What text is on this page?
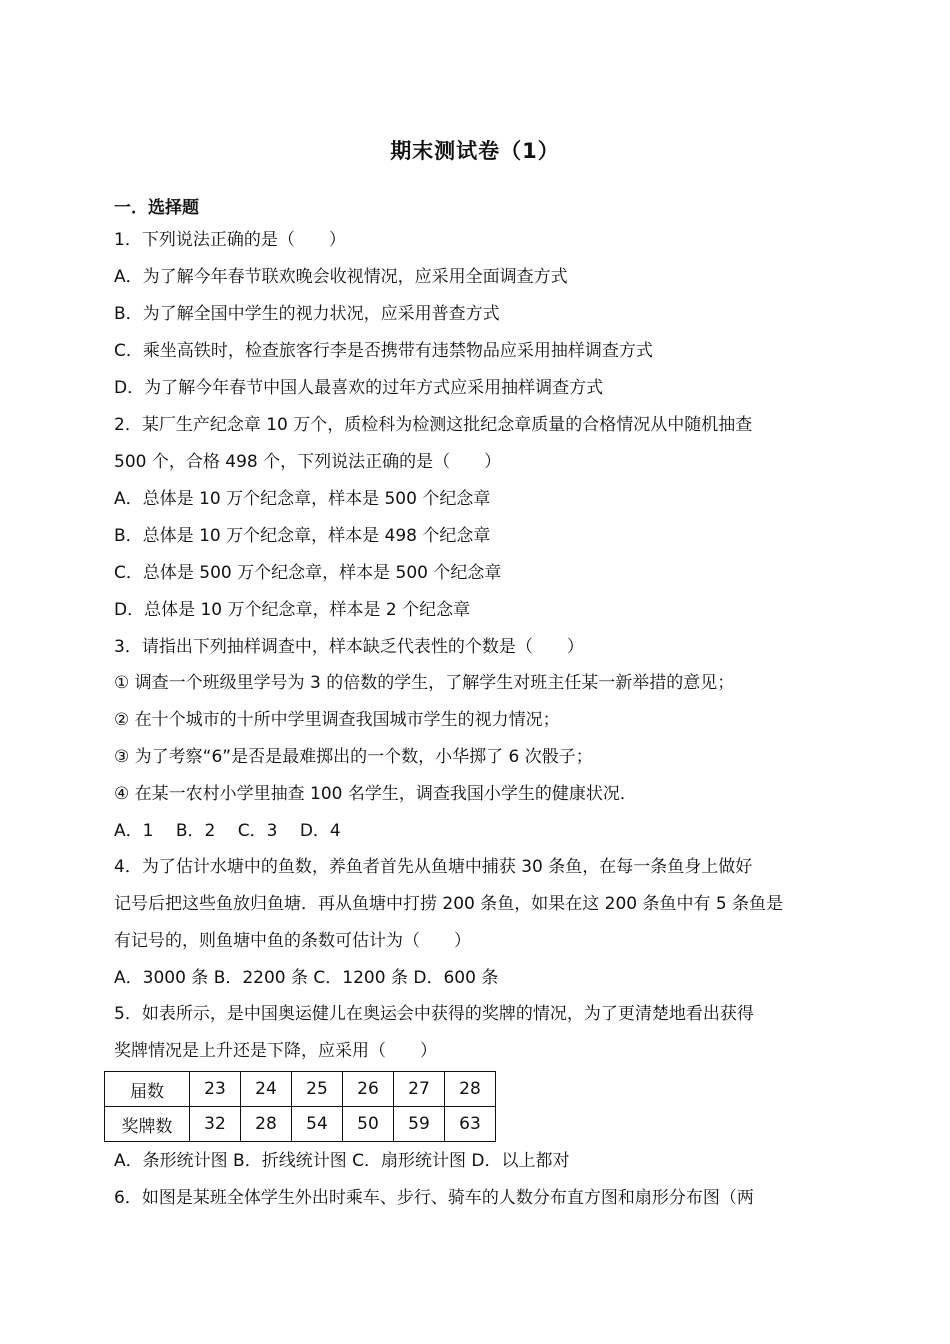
期末测试卷（1）
一．选择题
1．下列说法正确的是（　　）
A．为了解今年春节联欢晚会收视情况，应采用全面调查方式
B．为了解全国中学生的视力状况，应采用普查方式
C．乘坐高铁时，检查旅客行李是否携带有违禁物品应采用抽样调查方式
D．为了解今年春节中国人最喜欢的过年方式应采用抽样调查方式
2．某厂生产纪念章 10 万个，质检科为检测这批纪念章质量的合格情况从中随机抽查
500 个，合格 498 个，下列说法正确的是（　　）
A．总体是 10 万个纪念章，样本是 500 个纪念章
B．总体是 10 万个纪念章，样本是 498 个纪念章
C．总体是 500 万个纪念章，样本是 500 个纪念章
D．总体是 10 万个纪念章，样本是 2 个纪念章
3．请指出下列抽样调查中，样本缺乏代表性的个数是（　　）
① 调查一个班级里学号为 3 的倍数的学生，了解学生对班主任某一新举措的意见；
② 在十个城市的十所中学里调查我国城市学生的视力情况；
③ 为了考察“6”是否是最难掷出的一个数，小华掷了 6 次骰子；
④ 在某一农村小学里抽查 100 名学生，调查我国小学生的健康状况．
A．1　 B．2　 C．3　 D．4
4．为了估计水塘中的鱼数，养鱼者首先从鱼塘中捕获 30 条鱼，在每一条鱼身上做好
记号后把这些鱼放归鱼塘．再从鱼塘中打捞 200 条鱼，如果在这 200 条鱼中有 5 条鱼是
有记号的，则鱼塘中鱼的条数可估计为（　　）
A．3000 条 B．2200 条 C．1200 条 D．600 条
5．如表所示，是中国奥运健儿在奥运会中获得的奖牌的情况，为了更清楚地看出获得
奖牌情况是上升还是下降，应采用（　　）
届数	23	24	25	26	27	28
奖牌数	32	28	54	50	59	63
A．条形统计图 B．折线统计图 C．扇形统计图 D．以上都对
6．如图是某班全体学生外出时乘车、步行、骑车的人数分布直方图和扇形分布图（两
